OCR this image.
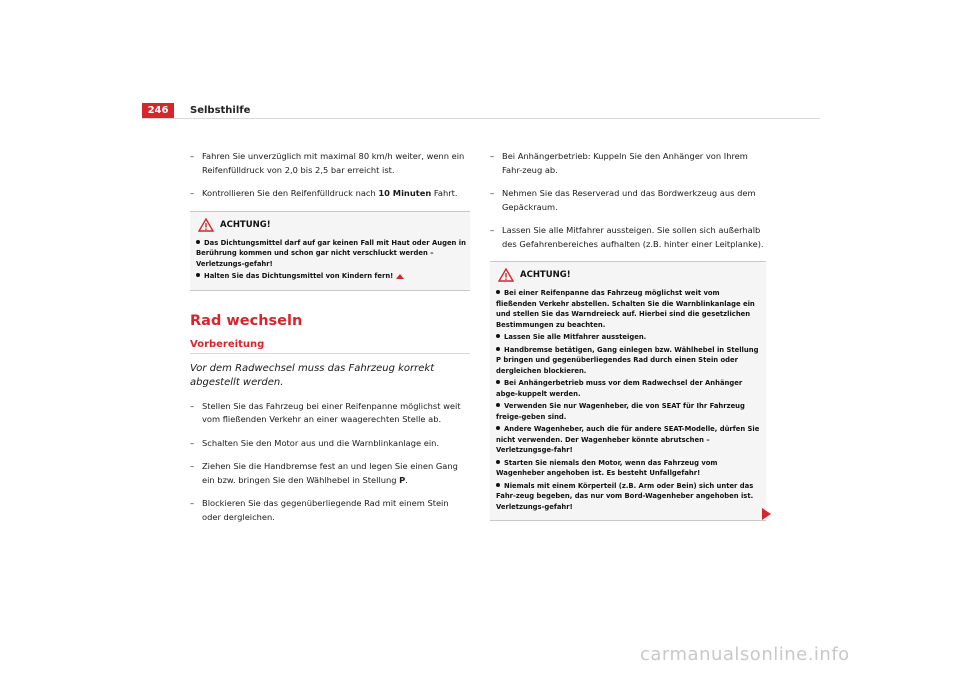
246	Selbsthilfe
– Fahren Sie unverzüglich mit maximal 80 km/h weiter, wenn ein Reifenfülldruck von 2,0 bis 2,5 bar erreicht ist.
– Kontrollieren Sie den Reifenfülldruck nach 10 Minuten Fahrt.
ACHTUNG!
Das Dichtungsmittel darf auf gar keinen Fall mit Haut oder Augen in Berührung kommen und schon gar nicht verschluckt werden – Verletzungs-gefahr!
Halten Sie das Dichtungsmittel von Kindern fern!
Rad wechseln
Vorbereitung
Vor dem Radwechsel muss das Fahrzeug korrekt abgestellt werden.
– Stellen Sie das Fahrzeug bei einer Reifenpanne möglichst weit vom fließenden Verkehr an einer waagerechten Stelle ab.
– Schalten Sie den Motor aus und die Warnblinkanlage ein.
– Ziehen Sie die Handbremse fest an und legen Sie einen Gang ein bzw. bringen Sie den Wählhebel in Stellung P.
– Blockieren Sie das gegenüberliegende Rad mit einem Stein oder dergleichen.
– Bei Anhängerbetrieb: Kuppeln Sie den Anhänger von Ihrem Fahr-zeug ab.
– Nehmen Sie das Reserverad und das Bordwerkzeug aus dem Gepäckraum.
– Lassen Sie alle Mitfahrer aussteigen. Sie sollen sich außerhalb des Gefahrenbereiches aufhalten (z.B. hinter einer Leitplanke).
ACHTUNG!
Bei einer Reifenpanne das Fahrzeug möglichst weit vom fließenden Verkehr abstellen. Schalten Sie die Warnblinkanlage ein und stellen Sie das Warndreieck auf. Hierbei sind die gesetzlichen Bestimmungen zu beachten.
Lassen Sie alle Mitfahrer aussteigen.
Handbremse betätigen, Gang einlegen bzw. Wählhebel in Stellung P bringen und gegenüberliegendes Rad durch einen Stein oder dergleichen blockieren.
Bei Anhängerbetrieb muss vor dem Radwechsel der Anhänger abge-kuppelt werden.
Verwenden Sie nur Wagenheber, die von SEAT für Ihr Fahrzeug freige-geben sind.
Andere Wagenheber, auch die für andere SEAT-Modelle, dürfen Sie nicht verwenden. Der Wagenheber könnte abrutschen – Verletzungsge-fahr!
Starten Sie niemals den Motor, wenn das Fahrzeug vom Wagenheber angehoben ist. Es besteht Unfallgefahr!
Niemals mit einem Körperteil (z.B. Arm oder Bein) sich unter das Fahr-zeug begeben, das nur vom Bord-Wagenheber angehoben ist. Verletzungs-gefahr!
carmanualsonline.info
